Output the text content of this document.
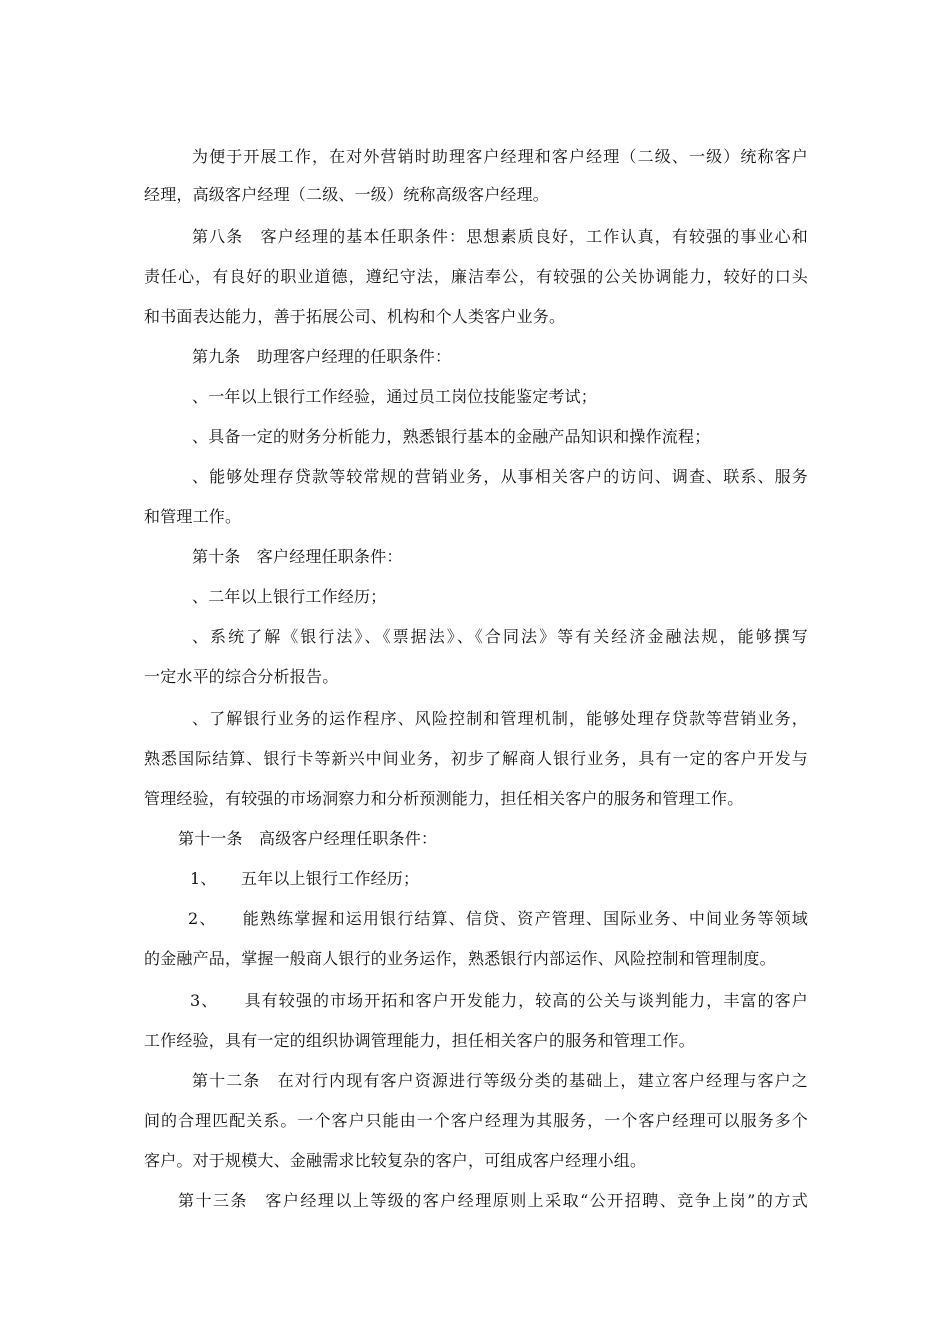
为便于开展工作，在对外营销时助理客户经理和客户经理（二级、一级）统称客户
经理，高级客户经理（二级、一级）统称高级客户经理。
第八条　客户经理的基本任职条件：思想素质良好，工作认真，有较强的事业心和
责任心，有良好的职业道德，遵纪守法，廉洁奉公，有较强的公关协调能力，较好的口头
和书面表达能力，善于拓展公司、机构和个人类客户业务。
第九条　助理客户经理的任职条件：
、一年以上银行工作经验，通过员工岗位技能鉴定考试；
、具备一定的财务分析能力，熟悉银行基本的金融产品知识和操作流程；
、能够处理存贷款等较常规的营销业务，从事相关客户的访问、调查、联系、服务
和管理工作。
第十条　客户经理任职条件：
、二年以上银行工作经历；
、系统了解《银行法》、《票据法》、《合同法》等有关经济金融法规，能够撰写
一定水平的综合分析报告。
、了解银行业务的运作程序、风险控制和管理机制，能够处理存贷款等营销业务，
熟悉国际结算、银行卡等新兴中间业务，初步了解商人银行业务，具有一定的客户开发与
管理经验，有较强的市场洞察力和分析预测能力，担任相关客户的服务和管理工作。
第十一条　高级客户经理任职条件：
1、　　五年以上银行工作经历；
2、　　能熟练掌握和运用银行结算、信贷、资产管理、国际业务、中间业务等领域
的金融产品，掌握一般商人银行的业务运作，熟悉银行内部运作、风险控制和管理制度。
3、　　具有较强的市场开拓和客户开发能力，较高的公关与谈判能力，丰富的客户
工作经验，具有一定的组织协调管理能力，担任相关客户的服务和管理工作。
第十二条　在对行内现有客户资源进行等级分类的基础上，建立客户经理与客户之
间的合理匹配关系。一个客户只能由一个客户经理为其服务，一个客户经理可以服务多个
客户。对于规模大、金融需求比较复杂的客户，可组成客户经理小组。
第十三条　客户经理以上等级的客户经理原则上采取“公开招聘、竞争上岗”的方式
